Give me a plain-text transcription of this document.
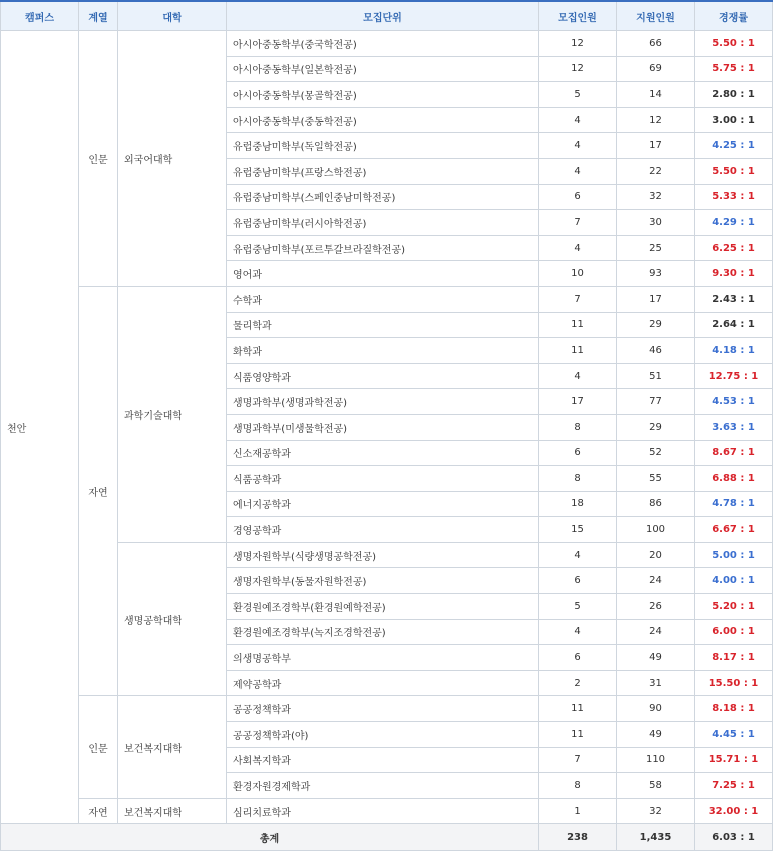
캠퍼스	계열	대학	모집단위	모집인원	지원인원	경쟁률
천안	인문	외국어대학	아시아중동학부(중국학전공)	12	66	5.50 : 1
			아시아중동학부(일본학전공)	12	69	5.75 : 1
			아시아중동학부(몽골학전공)	5	14	2.80 : 1
			아시아중동학부(중동학전공)	4	12	3.00 : 1
			유럽중남미학부(독일학전공)	4	17	4.25 : 1
			유럽중남미학부(프랑스학전공)	4	22	5.50 : 1
			유럽중남미학부(스페인중남미학전공)	6	32	5.33 : 1
			유럽중남미학부(러시아학전공)	7	30	4.29 : 1
			유럽중남미학부(포르투갈브라질학전공)	4	25	6.25 : 1
			영어과	10	93	9.30 : 1
	자연	과학기술대학	수학과	7	17	2.43 : 1
			물리학과	11	29	2.64 : 1
			화학과	11	46	4.18 : 1
			식품영양학과	4	51	12.75 : 1
			생명과학부(생명과학전공)	17	77	4.53 : 1
			생명과학부(미생물학전공)	8	29	3.63 : 1
			신소재공학과	6	52	8.67 : 1
			식품공학과	8	55	6.88 : 1
			에너지공학과	18	86	4.78 : 1
			경영공학과	15	100	6.67 : 1
		생명공학대학	생명자원학부(식량생명공학전공)	4	20	5.00 : 1
			생명자원학부(동물자원학전공)	6	24	4.00 : 1
			환경원예조경학부(환경원예학전공)	5	26	5.20 : 1
			환경원예조경학부(녹지조경학전공)	4	24	6.00 : 1
			의생명공학부	6	49	8.17 : 1
			제약공학과	2	31	15.50 : 1
	인문	보건복지대학	공공정책학과	11	90	8.18 : 1
			공공정책학과(야)	11	49	4.45 : 1
			사회복지학과	7	110	15.71 : 1
			환경자원경제학과	8	58	7.25 : 1
	자연	보건복지대학	심리치료학과	1	32	32.00 : 1
총계				238	1,435	6.03 : 1
